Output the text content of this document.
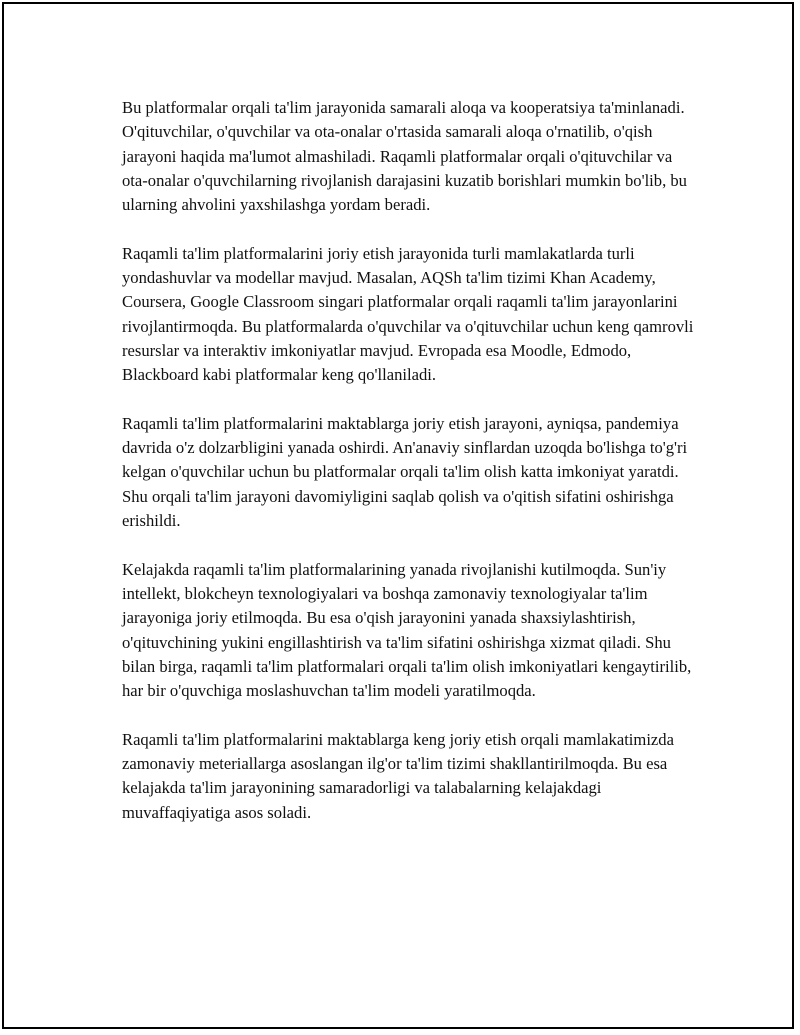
Bu platformalar orqali ta'lim jarayonida samarali aloqa va kooperatsiya ta'minlanadi. O'qituvchilar, o'quvchilar va ota-onalar o'rtasida samarali aloqa o'rnatilib, o'qish jarayoni haqida ma'lumot almashiladi. Raqamli platformalar orqali o'qituvchilar va ota-onalar o'quvchilarning rivojlanish darajasini kuzatib borishlari mumkin bo'lib, bu ularning ahvolini yaxshilashga yordam beradi.

Raqamli ta'lim platformalarini joriy etish jarayonida turli mamlakatlarda turli yondashuvlar va modellar mavjud. Masalan, AQSh ta'lim tizimi Khan Academy, Coursera, Google Classroom singari platformalar orqali raqamli ta'lim jarayonlarini rivojlantirmoqda. Bu platformalarda o'quvchilar va o'qituvchilar uchun keng qamrovli resurslar va interaktiv imkoniyatlar mavjud. Evropada esa Moodle, Edmodo, Blackboard kabi platformalar keng qo'llaniladi.

Raqamli ta'lim platformalarini maktablarga joriy etish jarayoni, ayniqsa, pandemiya davrida o'z dolzarbligini yanada oshirdi. An'anaviy sinflardan uzoqda bo'lishga to'g'ri kelgan o'quvchilar uchun bu platformalar orqali ta'lim olish katta imkoniyat yaratdi. Shu orqali ta'lim jarayoni davomiyligini saqlab qolish va o'qitish sifatini oshirishga erishildi.

Kelajakda raqamli ta'lim platformalarining yanada rivojlanishi kutilmoqda. Sun'iy intellekt, blokcheyn texnologiyalari va boshqa zamonaviy texnologiyalar ta'lim jarayoniga joriy etilmoqda. Bu esa o'qish jarayonini yanada shaxsiylashtirish, o'qituvchining yukini engillashtirish va ta'lim sifatini oshirishga xizmat qiladi. Shu bilan birga, raqamli ta'lim platformalari orqali ta'lim olish imkoniyatlari kengaytirilib, har bir o'quvchiga moslashuvchan ta'lim modeli yaratilmoqda.

Raqamli ta'lim platformalarini maktablarga keng joriy etish orqali mamlakatimizda zamonaviy meteriallarga asoslangan ilg'or ta'lim tizimi shakllantirilmoqda. Bu esa kelajakda ta'lim jarayonining samaradorligi va talabalarning kelajakdagi muvaffaqiyatiga asos soladi.
